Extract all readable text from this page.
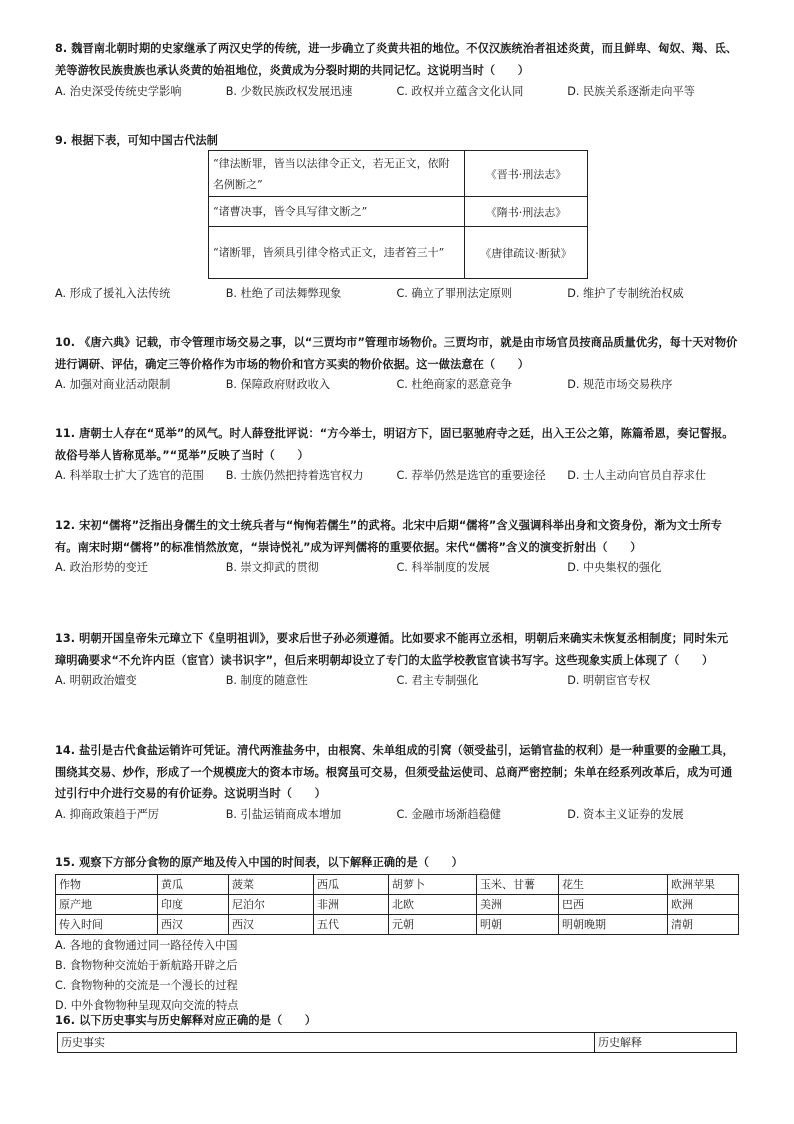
8. 魏晋南北朝时期的史家继承了两汉史学的传统，进一步确立了炎黄共祖的地位。不仅汉族统治者祖述炎黄，而且鲜卑、匈奴、羯、氐、羌等游牧民族贵族也承认炎黄的始祖地位，炎黄成为分裂时期的共同记忆。这说明当时（　　）

A. 治史深受传统史学影响	B. 少数民族政权发展迅速	C. 政权并立蕴含文化认同	D. 民族关系逐渐走向平等

9. 根据下表，可知中国古代法制

“律法断罪，皆当以法律令正文，若无正文，依附名例断之”	《晋书·刑法志》
“诸曹决事，皆令具写律文断之”	《隋书·刑法志》
“诸断罪，皆须具引律令格式正文，违者笞三十”	《唐律疏议·断狱》
A. 形成了援礼入法传统	B. 杜绝了司法舞弊现象	C. 确立了罪刑法定原则	D. 维护了专制统治权威

10. 《唐六典》记载，市令管理市场交易之事，以“三贾均市”管理市场物价。三贾均市，就是由市场官员按商品质量优劣，每十天对物价进行调研、评估，确定三等价格作为市场的物价和官方买卖的物价依据。这一做法意在（　　）

A. 加强对商业活动限制	B. 保障政府财政收入	C. 杜绝商家的恶意竞争	D. 规范市场交易秩序

11. 唐朝士人存在“觅举”的风气。时人薛登批评说：“方今举士，明诏方下，固已驱驰府寺之廷，出入王公之第，陈篇希恩，奏记誓报。故俗号举人皆称觅举。”“觅举”反映了当时（　　）

A. 科举取士扩大了选官的范围	B. 士族仍然把持着选官权力	C. 荐举仍然是选官的重要途径	D. 士人主动向官员自荐求仕

12. 宋初“儒将”泛指出身儒生的文士统兵者与“恂恂若儒生”的武将。北宋中后期“儒将”含义强调科举出身和文资身份，渐为文士所专有。南宋时期“儒将”的标准悄然放宽，“崇诗悦礼”成为评判儒将的重要依据。宋代“儒将”含义的演变折射出（　　）

A. 政治形势的变迁	B. 崇文抑武的贯彻	C. 科举制度的发展	D. 中央集权的强化

13. 明朝开国皇帝朱元璋立下《皇明祖训》，要求后世子孙必须遵循。比如要求不能再立丞相，明朝后来确实未恢复丞相制度；同时朱元璋明确要求“不允许内臣（宦官）读书识字”，但后来明朝却设立了专门的太监学校教宦官读书写字。这些现象实质上体现了（　　）

A. 明朝政治嬗变	B. 制度的随意性	C. 君主专制强化	D. 明朝宦官专权

14. 盐引是古代食盐运销许可凭证。清代两淮盐务中，由根窝、朱单组成的引窝（领受盐引，运销官盐的权利）是一种重要的金融工具，围绕其交易、炒作，形成了一个规模庞大的资本市场。根窝虽可交易，但须受盐运使司、总商严密控制；朱单在经系列改革后，成为可通过引行中介进行交易的有价证券。这说明当时（　　）

A. 抑商政策趋于严厉	B. 引盐运销商成本增加	C. 金融市场渐趋稳健	D. 资本主义证券的发展

15. 观察下方部分食物的原产地及传入中国的时间表，以下解释正确的是（　　）

作物	黄瓜	菠菜	西瓜	胡萝卜	玉米、甘薯	花生	欧洲苹果
原产地	印度	尼泊尔	非洲	北欧	美洲	巴西	欧洲
传入时间	西汉	西汉	五代	元朝	明朝	明朝晚期	清朝
A. 各地的食物通过同一路径传入中国
B. 食物物种交流始于新航路开辟之后
C. 食物物种的交流是一个漫长的过程
D. 中外食物物种呈现双向交流的特点

16. 以下历史事实与历史解释对应正确的是（　　）

历史事实	历史解释
